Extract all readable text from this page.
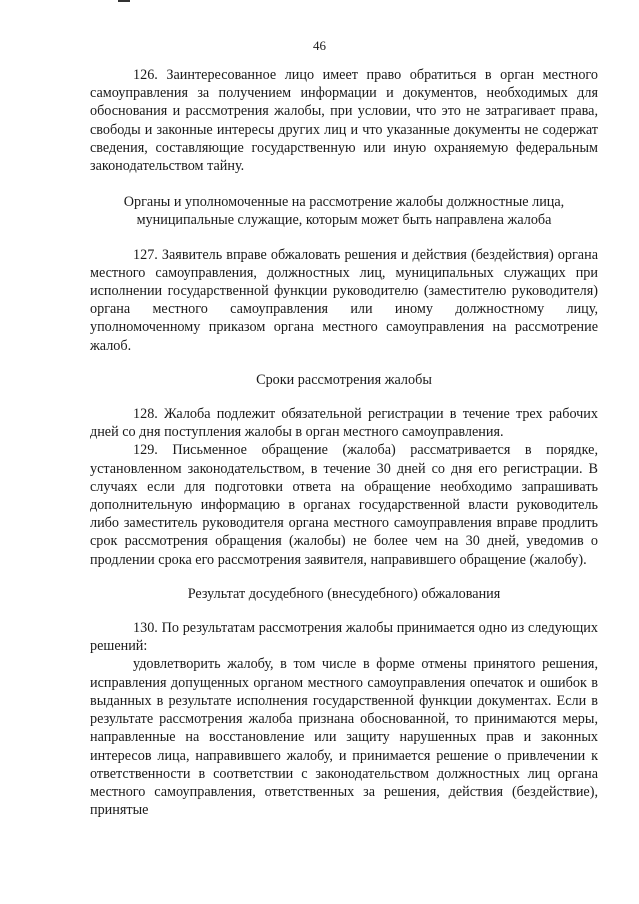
46

126. Заинтересованное лицо имеет право обратиться в орган местного самоуправления за получением информации и документов, необходимых для обоснования и рассмотрения жалобы, при условии, что это не затрагивает права, свободы и законные интересы других лиц и что указанные документы не содержат сведения, составляющие государственную или иную охраняемую федеральным законодательством тайну.

Органы и уполномоченные на рассмотрение жалобы должностные лица, муниципальные служащие, которым может быть направлена жалоба

127. Заявитель вправе обжаловать решения и действия (бездействия) органа местного самоуправления, должностных лиц, муниципальных служащих при исполнении государственной функции руководителю (заместителю руководителя) органа местного самоуправления или иному должностному лицу, уполномоченному приказом органа местного самоуправления на рассмотрение жалоб.

Сроки рассмотрения жалобы

128. Жалоба подлежит обязательной регистрации в течение трех рабочих дней со дня поступления жалобы в орган местного самоуправления.

129. Письменное обращение (жалоба) рассматривается в порядке, установленном законодательством, в течение 30 дней со дня его регистрации. В случаях если для подготовки ответа на обращение необходимо запрашивать дополнительную информацию в органах государственной власти руководитель либо заместитель руководителя органа местного самоуправления вправе продлить срок рассмотрения обращения (жалобы) не более чем на 30 дней, уведомив о продлении срока его рассмотрения заявителя, направившего обращение (жалобу).

Результат досудебного (внесудебного) обжалования

130. По результатам рассмотрения жалобы принимается одно из следующих решений:

удовлетворить жалобу, в том числе в форме отмены принятого решения, исправления допущенных органом местного самоуправления опечаток и ошибок в выданных в результате исполнения государственной функции документах. Если в результате рассмотрения жалоба признана обоснованной, то принимаются меры, направленные на восстановление или защиту нарушенных прав и законных интересов лица, направившего жалобу, и принимается решение о привлечении к ответственности в соответствии с законодательством должностных лиц органа местного самоуправления, ответственных за решения, действия (бездействие), принятые
